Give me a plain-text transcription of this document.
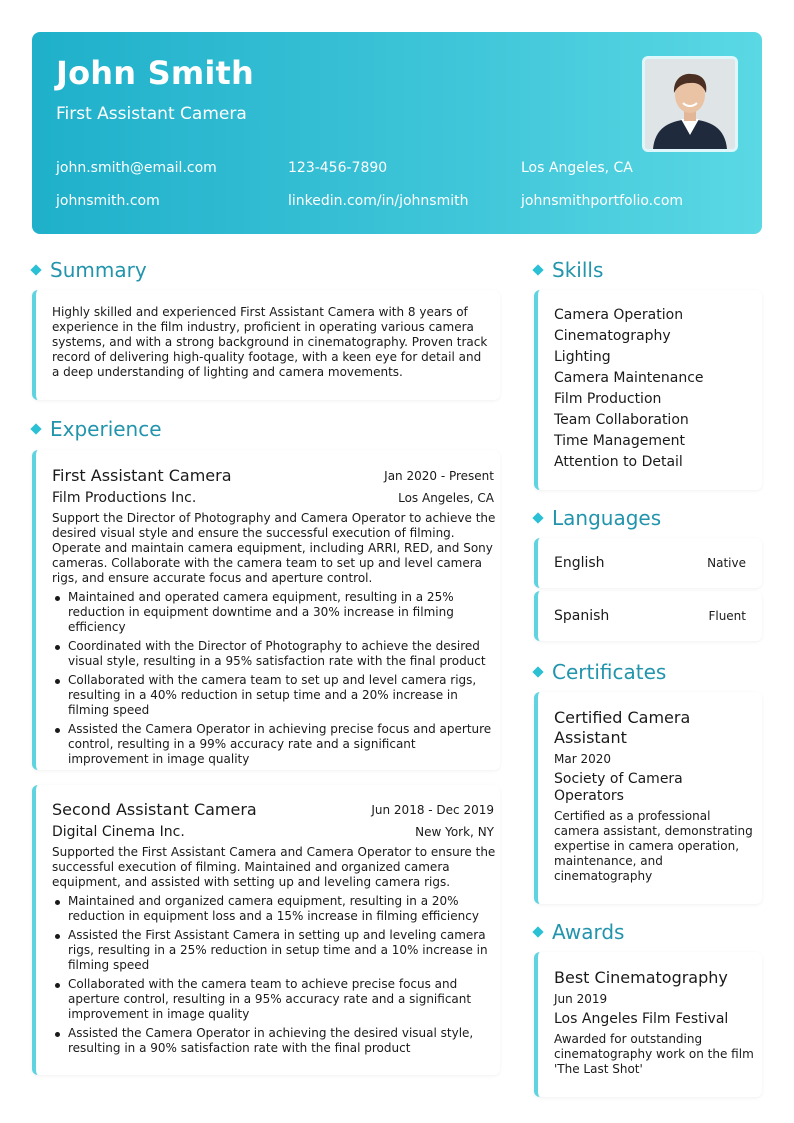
John Smith
First Assistant Camera
john.smith@email.com	123-456-7890	Los Angeles, CA
johnsmith.com	linkedin.com/in/johnsmith	johnsmithportfolio.com
Summary
Highly skilled and experienced First Assistant Camera with 8 years of experience in the film industry, proficient in operating various camera systems, and with a strong background in cinematography. Proven track record of delivering high-quality footage, with a keen eye for detail and a deep understanding of lighting and camera movements.
Experience
First Assistant Camera	Jan 2020 - Present
Film Productions Inc.	Los Angeles, CA
Support the Director of Photography and Camera Operator to achieve the desired visual style and ensure the successful execution of filming. Operate and maintain camera equipment, including ARRI, RED, and Sony cameras. Collaborate with the camera team to set up and level camera rigs, and ensure accurate focus and aperture control.
Maintained and operated camera equipment, resulting in a 25% reduction in equipment downtime and a 30% increase in filming efficiency
Coordinated with the Director of Photography to achieve the desired visual style, resulting in a 95% satisfaction rate with the final product
Collaborated with the camera team to set up and level camera rigs, resulting in a 40% reduction in setup time and a 20% increase in filming speed
Assisted the Camera Operator in achieving precise focus and aperture control, resulting in a 99% accuracy rate and a significant improvement in image quality
Second Assistant Camera	Jun 2018 - Dec 2019
Digital Cinema Inc.	New York, NY
Supported the First Assistant Camera and Camera Operator to ensure the successful execution of filming. Maintained and organized camera equipment, and assisted with setting up and leveling camera rigs.
Maintained and organized camera equipment, resulting in a 20% reduction in equipment loss and a 15% increase in filming efficiency
Assisted the First Assistant Camera in setting up and leveling camera rigs, resulting in a 25% reduction in setup time and a 10% increase in filming speed
Collaborated with the camera team to achieve precise focus and aperture control, resulting in a 95% accuracy rate and a significant improvement in image quality
Assisted the Camera Operator in achieving the desired visual style, resulting in a 90% satisfaction rate with the final product
Skills
Camera Operation
Cinematography
Lighting
Camera Maintenance
Film Production
Team Collaboration
Time Management
Attention to Detail
Languages
English	Native
Spanish	Fluent
Certificates
Certified Camera Assistant
Mar 2020
Society of Camera Operators
Certified as a professional camera assistant, demonstrating expertise in camera operation, maintenance, and cinematography
Awards
Best Cinematography
Jun 2019
Los Angeles Film Festival
Awarded for outstanding cinematography work on the film 'The Last Shot'
